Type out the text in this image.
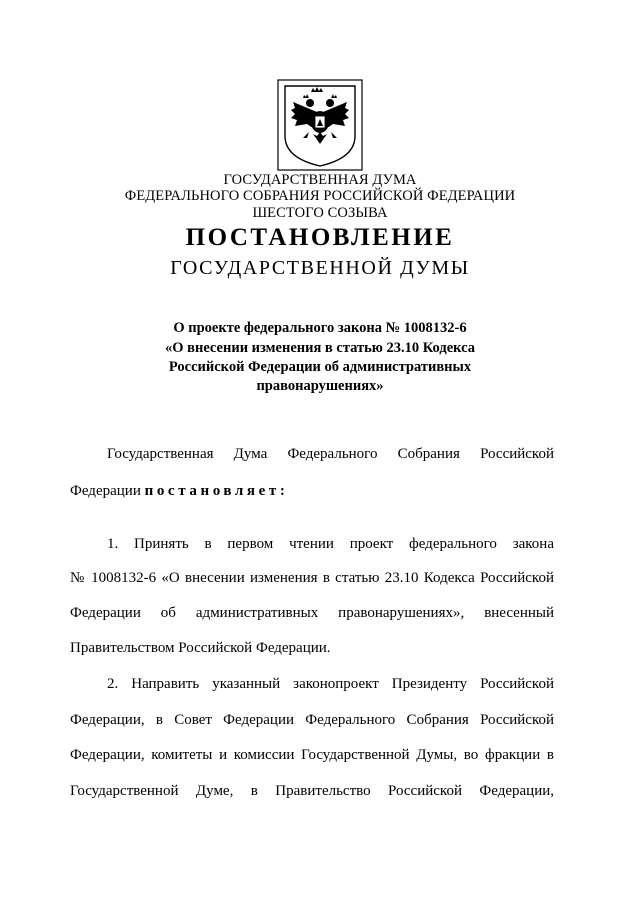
ГОСУДАРСТВЕННАЯ ДУМА
ФЕДЕРАЛЬНОГО СОБРАНИЯ РОССИЙСКОЙ ФЕДЕРАЦИИ
ШЕСТОГО СОЗЫВА
ПОСТАНОВЛЕНИЕ
ГОСУДАРСТВЕННОЙ ДУМЫ
О проекте федерального закона № 1008132-6
«О внесении изменения в статью 23.10 Кодекса
Российской Федерации об административных
правонарушениях»
Государственная Дума Федерального Собрания Российской
Федерации постановляет:
1. Принять в первом чтении проект федерального закона
№ 1008132-6 «О внесении изменения в статью 23.10 Кодекса Российской
Федерации об административных правонарушениях», внесенный
Правительством Российской Федерации.
2. Направить указанный законопроект Президенту Российской
Федерации, в Совет Федерации Федерального Собрания Российской
Федерации, комитеты и комиссии Государственной Думы, во фракции в
Государственной Думе, в Правительство Российской Федерации,
